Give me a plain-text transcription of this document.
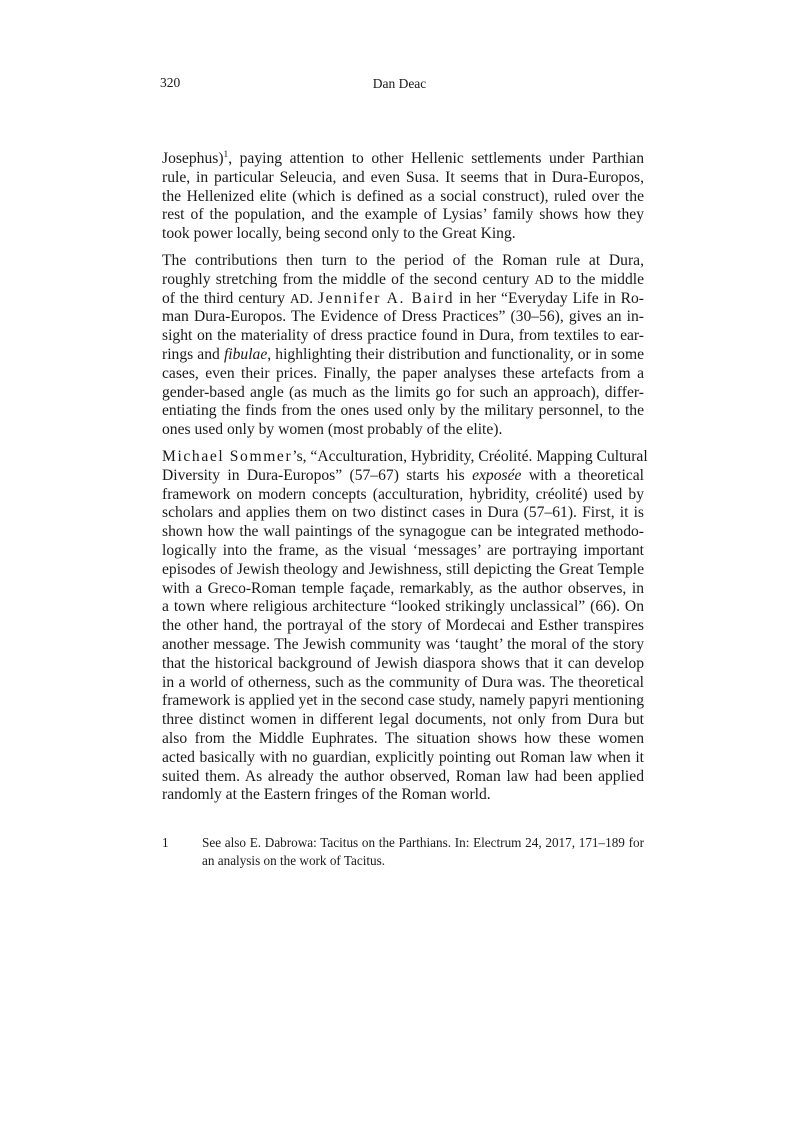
320	Dan Deac
Josephus)$^1$, paying attention to other Hellenic settlements under Parthian
rule, in particular Seleucia, and even Susa. It seems that in Dura-Europos,
the Hellenized elite (which is defined as a social construct), ruled over the
rest of the population, and the example of Lysias’ family shows how they
took power locally, being second only to the Great King.
The contributions then turn to the period of the Roman rule at Dura,
roughly stretching from the middle of the second century AD to the middle
of the third century AD. Jennifer A. Baird in her “Everyday Life in Ro-
man Dura-Europos. The Evidence of Dress Practices” (30–56), gives an in-
sight on the materiality of dress practice found in Dura, from textiles to ear-
rings and fibulae, highlighting their distribution and functionality, or in some
cases, even their prices. Finally, the paper analyses these artefacts from a
gender-based angle (as much as the limits go for such an approach), differ-
entiating the finds from the ones used only by the military personnel, to the
ones used only by women (most probably of the elite).
Michael Sommer’s, “Acculturation, Hybridity, Créolité. Mapping Cultural
Diversity in Dura-Europos” (57–67) starts his exposée with a theoretical
framework on modern concepts (acculturation, hybridity, créolité) used by
scholars and applies them on two distinct cases in Dura (57–61). First, it is
shown how the wall paintings of the synagogue can be integrated methodo-
logically into the frame, as the visual ‘messages’ are portraying important
episodes of Jewish theology and Jewishness, still depicting the Great Temple
with a Greco-Roman temple façade, remarkably, as the author observes, in
a town where religious architecture “looked strikingly unclassical” (66). On
the other hand, the portrayal of the story of Mordecai and Esther transpires
another message. The Jewish community was ‘taught’ the moral of the story
that the historical background of Jewish diaspora shows that it can develop
in a world of otherness, such as the community of Dura was. The theoretical
framework is applied yet in the second case study, namely papyri mentioning
three distinct women in different legal documents, not only from Dura but
also from the Middle Euphrates. The situation shows how these women
acted basically with no guardian, explicitly pointing out Roman law when it
suited them. As already the author observed, Roman law had been applied
randomly at the Eastern fringes of the Roman world.
1	See also E. Dabrowa: Tacitus on the Parthians. In: Electrum 24, 2017, 171–189 for
an analysis on the work of Tacitus.
